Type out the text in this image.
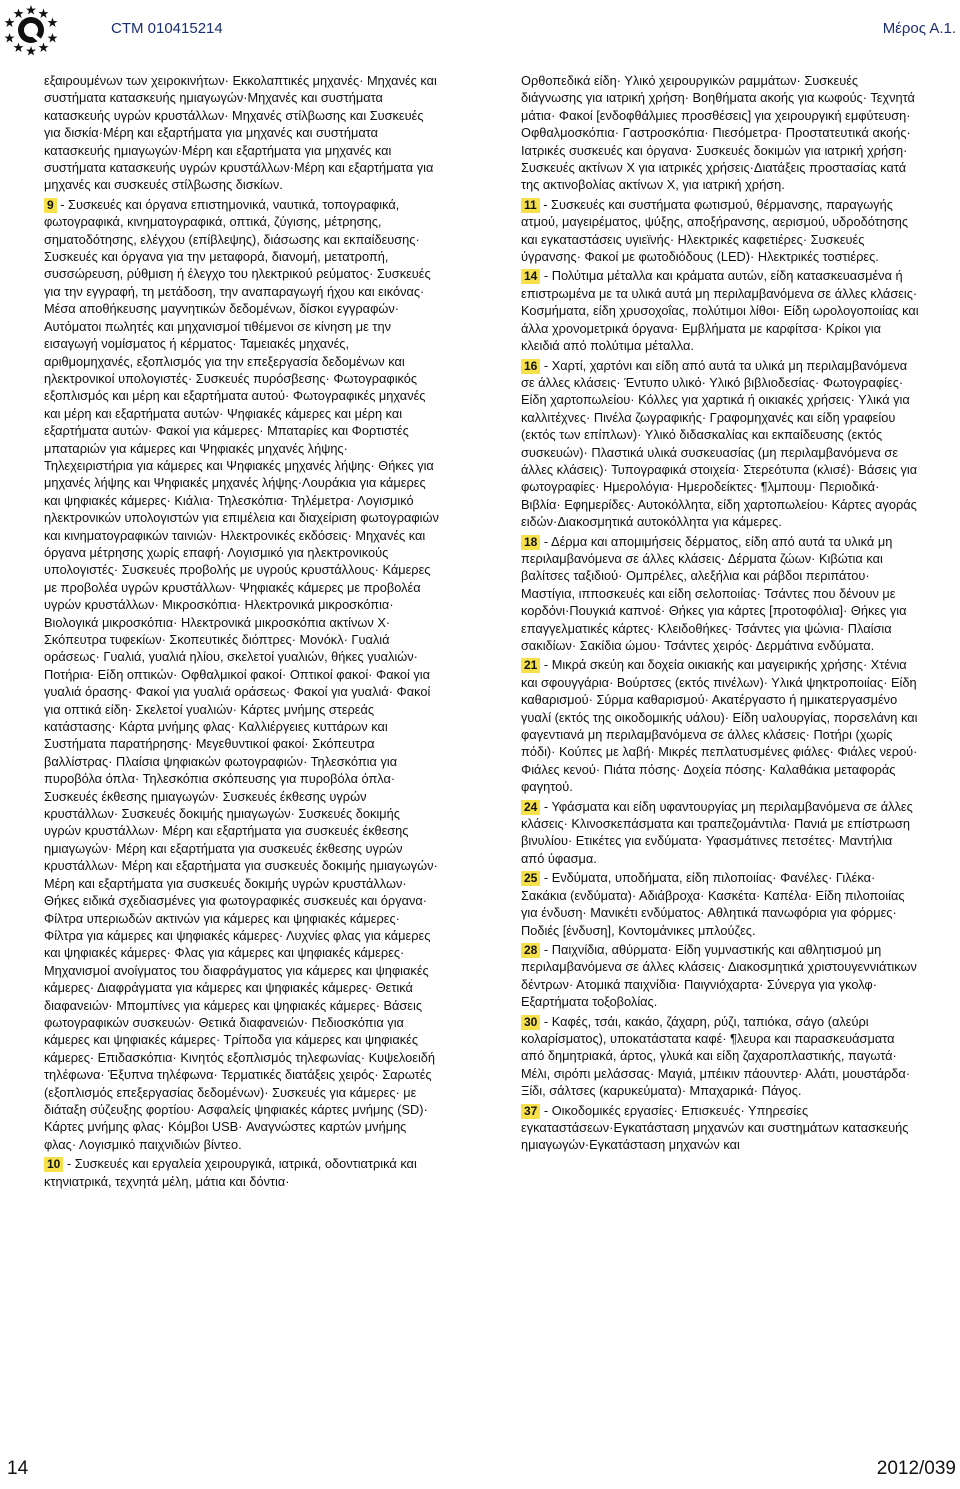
CTM 010415214	Μέρος Α.1.

εξαιρουμένων των χειροκινήτων· Εκκολαπτικές μηχανές· Μηχανές και συστήματα κατασκευής ημιαγωγών·Μηχανές και συστήματα κατασκευής υγρών κρυστάλλων· Μηχανές στίλβωσης και Συσκευές για δισκία·Μέρη και εξαρτήματα για μηχανές και συστήματα κατασκευής ημιαγωγών·Μέρη και εξαρτήματα για μηχανές και συστήματα κατασκευής υγρών κρυστάλλων·Μέρη και εξαρτήματα για μηχανές και συσκευές στίλβωσης δισκίων.

9 - Συσκευές και όργανα επιστημονικά, ναυτικά, τοπογραφικά, φωτογραφικά, κινηματογραφικά, οπτικά, ζύγισης, μέτρησης, σηματοδότησης, ελέγχου (επίβλεψης), διάσωσης και εκπαίδευσης· Συσκευές και όργανα για την μεταφορά, διανομή, μετατροπή, συσσώρευση, ρύθμιση ή έλεγχο του ηλεκτρικού ρεύματος· Συσκευές για την εγγραφή, τη μετάδοση, την αναπαραγωγή ήχου και εικόνας· Μέσα αποθήκευσης μαγνητικών δεδομένων, δίσκοι εγγραφών· Αυτόματοι πωλητές και μηχανισμοί τιθέμενοι σε κίνηση με την εισαγωγή νομίσματος ή κέρματος· Ταμειακές μηχανές, αριθμομηχανές, εξοπλισμός για την επεξεργασία δεδομένων και ηλεκτρονικοί υπολογιστές· Συσκευές πυρόσβεσης· Φωτογραφικός εξοπλισμός και μέρη και εξαρτήματα αυτού· Φωτογραφικές μηχανές και μέρη και εξαρτήματα αυτών· Ψηφιακές κάμερες και μέρη και εξαρτήματα αυτών· Φακοί για κάμερες· Μπαταρίες και Φορτιστές μπαταριών για κάμερες και Ψηφιακές μηχανές λήψης· Τηλεχειριστήρια για κάμερες και Ψηφιακές μηχανές λήψης· Θήκες για μηχανές λήψης και Ψηφιακές μηχανές λήψης·Λουράκια για κάμερες και ψηφιακές κάμερες· Κιάλια· Τηλεσκόπια· Τηλέμετρα· Λογισμικό ηλεκτρονικών υπολογιστών για επιμέλεια και διαχείριση φωτογραφιών και κινηματογραφικών ταινιών· Ηλεκτρονικές εκδόσεις· Μηχανές και όργανα μέτρησης χωρίς επαφή· Λογισμικό για ηλεκτρονικούς υπολογιστές· Συσκευές προβολής με υγρούς κρυστάλλους· Κάμερες με προβολέα υγρών κρυστάλλων· Ψηφιακές κάμερες με προβολέα υγρών κρυστάλλων· Μικροσκόπια· Ηλεκτρονικά μικροσκόπια· Βιολογικά μικροσκόπια· Ηλεκτρονικά μικροσκόπια ακτίνων Χ· Σκόπευτρα τυφεκίων· Σκοπευτικές διόπτρες· Μονόκλ· Γυαλιά οράσεως· Γυαλιά, γυαλιά ηλίου, σκελετοί γυαλιών, θήκες γυαλιών· Ποτήρια· Είδη οπτικών· Οφθαλμικοί φακοί· Οπτικοί φακοί· Φακοί για γυαλιά όρασης· Φακοί για γυαλιά οράσεως· Φακοί για γυαλιά· Φακοί για οπτικά είδη· Σκελετοί γυαλιών· Κάρτες μνήμης στερεάς κατάστασης· Κάρτα μνήμης φλας· Καλλιέργειες κυττάρων και Συστήματα παρατήρησης· Μεγεθυντικοί φακοί· Σκόπευτρα βαλλίστρας· Πλαίσια ψηφιακών φωτογραφιών· Τηλεσκόπια για πυροβόλα όπλα· Τηλεσκόπια σκόπευσης για πυροβόλα όπλα· Συσκευές έκθεσης ημιαγωγών· Συσκευές έκθεσης υγρών κρυστάλλων· Συσκευές δοκιμής ημιαγωγών· Συσκευές δοκιμής υγρών κρυστάλλων· Μέρη και εξαρτήματα για συσκευές έκθεσης ημιαγωγών· Μέρη και εξαρτήματα για συσκευές έκθεσης υγρών κρυστάλλων· Μέρη και εξαρτήματα για συσκευές δοκιμής ημιαγωγών· Μέρη και εξαρτήματα για συσκευές δοκιμής υγρών κρυστάλλων· Θήκες ειδικά σχεδιασμένες για φωτογραφικές συσκευές και όργανα· Φίλτρα υπεριωδών ακτινών για κάμερες και ψηφιακές κάμερες· Φίλτρα για κάμερες και ψηφιακές κάμερες· Λυχνίες φλας για κάμερες και ψηφιακές κάμερες· Φλας για κάμερες και ψηφιακές κάμερες· Μηχανισμοί ανοίγματος του διαφράγματος για κάμερες και ψηφιακές κάμερες· Διαφράγματα για κάμερες και ψηφιακές κάμερες· Θετικά διαφανειών· Μπομπίνες για κάμερες και ψηφιακές κάμερες· Βάσεις φωτογραφικών συσκευών· Θετικά διαφανειών· Πεδιοσκόπια για κάμερες και ψηφιακές κάμερες· Τρίποδα για κάμερες και ψηφιακές κάμερες· Επιδασκόπια· Κινητός εξοπλισμός τηλεφωνίας· Κυψελοειδή τηλέφωνα· Έξυπνα τηλέφωνα· Τερματικές διατάξεις χειρός· Σαρωτές (εξοπλισμός επεξεργασίας δεδομένων)· Συσκευές για κάμερες· με διάταξη σύζευξης φορτίου· Ασφαλείς ψηφιακές κάρτες μνήμης (SD)· Κάρτες μνήμης φλας· Κόμβοι USB· Αναγνώστες καρτών μνήμης φλας· Λογισμικό παιχνιδιών βίντεο.

10 - Συσκευές και εργαλεία χειρουργικά, ιατρικά, οδοντιατρικά και κτηνιατρικά, τεχνητά μέλη, μάτια και δόντια·

Ορθοπεδικά είδη· Υλικό χειρουργικών ραμμάτων· Συσκευές διάγνωσης για ιατρική χρήση· Βοηθήματα ακοής για κωφούς· Τεχνητά μάτια· Φακοί [ενδοφθάλμιες προσθέσεις] για χειρουργική εμφύτευση· Οφθαλμοσκόπια· Γαστροσκόπια· Πιεσόμετρα· Προστατευτικά ακοής· Ιατρικές συσκευές και όργανα· Συσκευές δοκιμών για ιατρική χρήση· Συσκευές ακτίνων Χ για ιατρικές χρήσεις·Διατάξεις προστασίας κατά της ακτινοβολίας ακτίνων Χ, για ιατρική χρήση.

11 - Συσκευές και συστήματα φωτισμού, θέρμανσης, παραγωγής ατμού, μαγειρέματος, ψύξης, αποξήρανσης, αερισμού, υδροδότησης και εγκαταστάσεις υγιεϊνής· Ηλεκτρικές καφετιέρες· Συσκευές ύγρανσης· Φακοί με φωτοδιόδους (LED)· Ηλεκτρικές τοστιέρες.

14 - Πολύτιμα μέταλλα και κράματα αυτών, είδη κατασκευασμένα ή επιστρωμένα με τα υλικά αυτά μη περιλαμβανόμενα σε άλλες κλάσεις· Κοσμήματα, είδη χρυσοχοΐας, πολύτιμοι λίθοι· Είδη ωρολογοποιίας και άλλα χρονομετρικά όργανα· Εμβλήματα με καρφίτσα· Κρίκοι για κλειδιά από πολύτιμα μέταλλα.

16 - Χαρτί, χαρτόνι και είδη από αυτά τα υλικά μη περιλαμβανόμενα σε άλλες κλάσεις· Έντυπο υλικό· Υλικό βιβλιοδεσίας· Φωτογραφίες· Είδη χαρτοπωλείου· Κόλλες για χαρτικά ή οικιακές χρήσεις· Υλικά για καλλιτέχνες· Πινέλα ζωγραφικής· Γραφομηχανές και είδη γραφείου (εκτός των επίπλων)· Υλικό διδασκαλίας και εκπαίδευσης (εκτός συσκευών)· Πλαστικά υλικά συσκευασίας (μη περιλαμβανόμενα σε άλλες κλάσεις)· Τυπογραφικά στοιχεία· Στερεότυπα (κλισέ)· Βάσεις για φωτογραφίες· Ημερολόγια· Ημεροδείκτες· ¶λμπουμ· Περιοδικά· Βιβλία· Εφημερίδες· Αυτοκόλλητα, είδη χαρτοπωλείου· Κάρτες αγοράς ειδών·Διακοσμητικά αυτοκόλλητα για κάμερες.

18 - Δέρμα και απομιμήσεις δέρματος, είδη από αυτά τα υλικά μη περιλαμβανόμενα σε άλλες κλάσεις· Δέρματα ζώων· Κιβώτια και βαλίτσες ταξιδιού· Ομπρέλες, αλεξήλια και ράβδοι περιπάτου· Μαστίγια, ιπποσκευές και είδη σελοποιίας· Τσάντες που δένουν με κορδόνι·Πουγκιά καπνοέ· Θήκες για κάρτες [προτοφόλια]· Θήκες για επαγγελματικές κάρτες· Κλειδοθήκες· Τσάντες για ψώνια· Πλαίσια σακιδίων· Σακίδια ώμου· Τσάντες χειρός· Δερμάτινα ενδύματα.

21 - Μικρά σκεύη και δοχεία οικιακής και μαγειρικής χρήσης· Χτένια και σφουγγάρια· Βούρτσες (εκτός πινέλων)· Υλικά ψηκτροποιίας· Είδη καθαρισμού· Σύρμα καθαρισμού· Ακατέργαστο ή ημικατεργασμένο γυαλί (εκτός της οικοδομικής υάλου)· Είδη υαλουργίας, πορσελάνη και φαγεντιανά μη περιλαμβανόμενα σε άλλες κλάσεις· Ποτήρι (χωρίς πόδι)· Κούπες με λαβή· Μικρές πεπλατυσμένες φιάλες· Φιάλες νερού· Φιάλες κενού· Πιάτα πόσης· Δοχεία πόσης· Καλαθάκια μεταφοράς φαγητού.

24 - Υφάσματα και είδη υφαντουργίας μη περιλαμβανόμενα σε άλλες κλάσεις· Κλινοσκεπάσματα και τραπεζομάντιλα· Πανιά με επίστρωση βινυλίου· Ετικέτες για ενδύματα· Υφασμάτινες πετσέτες· Μαντήλια από ύφασμα.

25 - Ενδύματα, υποδήματα, είδη πιλοποιίας· Φανέλες· Γιλέκα· Σακάκια (ενδύματα)· Αδιάβροχα· Κασκέτα· Καπέλα· Είδη πιλοποιίας για ένδυση· Μανικέτι ενδύματος· Αθλητικά πανωφόρια για φόρμες· Ποδιές [ένδυση], Κοντομάνικες μπλούζες.

28 - Παιχνίδια, αθύρματα· Είδη γυμναστικής και αθλητισμού μη περιλαμβανόμενα σε άλλες κλάσεις· Διακοσμητικά χριστουγεννιάτικων δέντρων· Ατομικά παιχνίδια· Παιγνιόχαρτα· Σύνεργα για γκολφ· Εξαρτήματα τοξοβολίας.

30 - Καφές, τσάι, κακάο, ζάχαρη, ρύζι, ταπιόκα, σάγο (αλεύρι κολαρίσματος), υποκατάστατα καφέ· ¶λευρα και παρασκευάσματα από δημητριακά, άρτος, γλυκά και είδη ζαχαροπλαστικής, παγωτά· Μέλι, σιρόπι μελάσσας· Μαγιά, μπέικιν πάουντερ· Αλάτι, μουστάρδα· Ξίδι, σάλτσες (καρυκεύματα)· Μπαχαρικά· Πάγος.

37 - Οικοδομικές εργασίες· Επισκευές· Υπηρεσίες εγκαταστάσεων·Εγκατάσταση μηχανών και συστημάτων κατασκευής ημιαγωγών·Εγκατάσταση μηχανών και

14	2012/039
